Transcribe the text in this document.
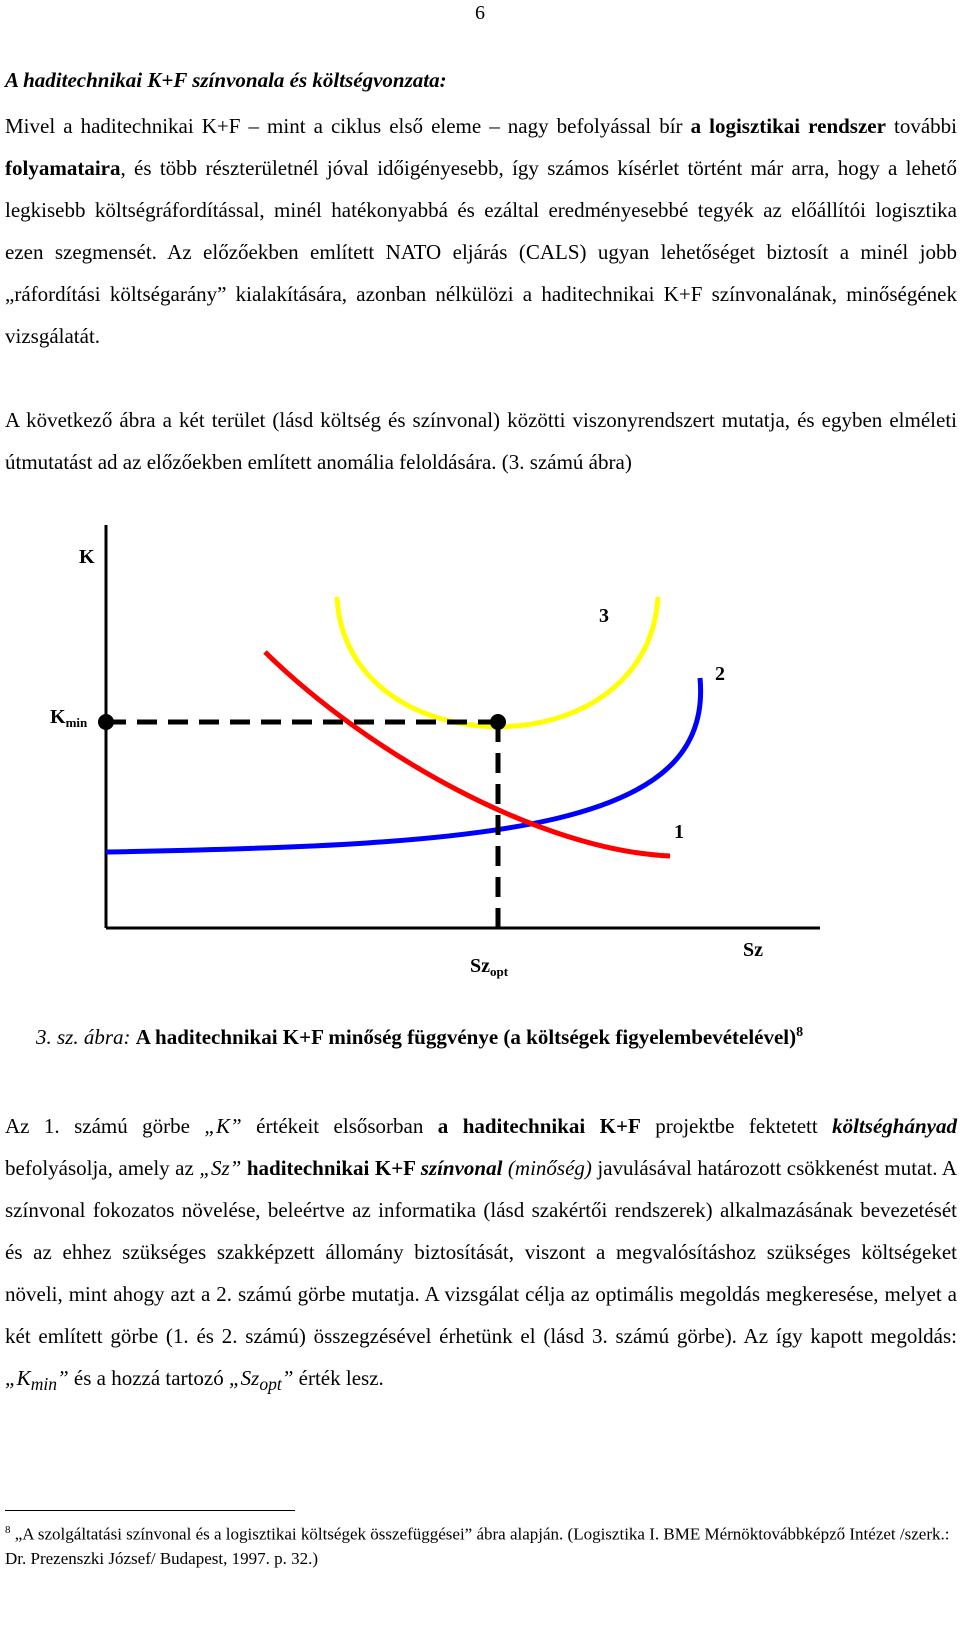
6
A haditechnikai K+F színvonala és költségvonzata:

Mivel a haditechnikai K+F – mint a ciklus első eleme – nagy befolyással bír a logisztikai rendszer további folyamataira, és több részterületnél jóval időigényesebb, így számos kísérlet történt már arra, hogy a lehető legkisebb költségráfordítással, minél hatékonyabbá és ezáltal eredményesebbé tegyék az előállítói logisztika ezen szegmensét. Az előzőekben említett NATO eljárás (CALS) ugyan lehetőséget biztosít a minél jobb „ráfordítási költségarány” kialakítására, azonban nélkülözi a haditechnikai K+F színvonalának, minőségének vizsgálatát.

A következő ábra a két terület (lásd költség és színvonal) közötti viszonyrendszert mutatja, és egyben elméleti útmutatást ad az előzőekben említett anomália feloldására. (3. számú ábra)

K
Sz
$K_{min}$
$Sz_{opt}$
3
2
1
3. sz. ábra: A haditechnikai K+F minőség függvénye (a költségek figyelembevételével)$^8$

Az 1. számú görbe „K” értékeit elsősorban a haditechnikai K+F projektbe fektetett költséghányad befolyásolja, amely az „Sz” haditechnikai K+F színvonal (minőség) javulásával határozott csökkenést mutat. A színvonal fokozatos növelése, beleértve az informatika (lásd szakértői rendszerek) alkalmazásának bevezetését és az ehhez szükséges szakképzett állomány biztosítását, viszont a megvalósításhoz szükséges költségeket növeli, mint ahogy azt a 2. számú görbe mutatja. A vizsgálat célja az optimális megoldás megkeresése, melyet a két említett görbe (1. és 2. számú) összegzésével érhetünk el (lásd 3. számú görbe). Az így kapott megoldás: $„K_{min}$” és a hozzá tartozó $„Sz_{opt}$” érték lesz.

$^8$ „A szolgáltatási színvonal és a logisztikai költségek összefüggései” ábra alapján. (Logisztika I. BME Mérnöktovábbképző Intézet /szerk.: Dr. Prezenszki József/ Budapest, 1997. p. 32.)
